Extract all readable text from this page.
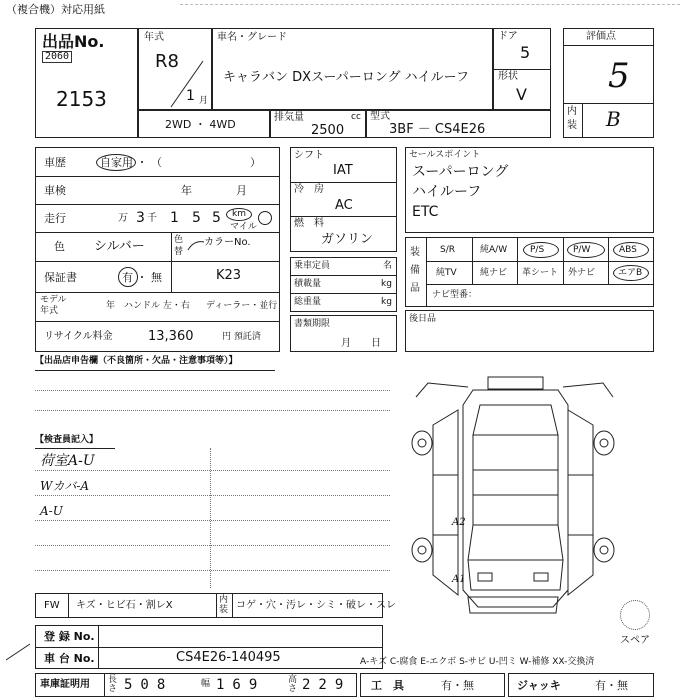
（複合機）対応用紙
出品No.
2060
2153
年式
R8
1 月
車名・グレード
キャラバン DXスーパーロング ハイルーフ
ドア
5
形状
V
評価点
5
内
装 B
2WD ・ 4WD
排気量	cc
2500
型式
3BF － CS4E26
車歴	自家用 ・ （　　　　　　　　）
車検	年　　　　月
走行	万 3 千 1 5 5 km
マイル
色 シルバー	色
替
カラーNo.
保証書	有 ・ 無	K23
モデル
年式	年 ハンドル 左・右 ディーラー・並行
リサイクル料金	13,360	円 預託済
シフト
IAT
冷　房
AC
燃　料
ガソリン
乗車定員	名
積載量	kg
総重量	kg
書類期限
月　　日
セールスポイント
スーパーロング
ハイルーフ
ETC
装
備
品
S/R	純A/W	P/S	P/W	ABS
純TV	純ナビ 革シート 外ナビ	エアB
ナビ型番：
後日品
【出品店申告欄（不良箇所・欠品・注意事項等）】
【検査員記入】
荷室A-U
Wカバ-A
A-U
A2
A1
スペア
FW キズ・ヒビ石・割レX	内
装 コゲ・穴・汚レ・シミ・破レ・スレ
登 録 No.
車 台 No.	CS4E26-140495	A-キズ C-腐食 E-エクボ S-サビ U-凹ミ W-補修 XX-交換済
車庫証明用 長さ 508	幅 169	高さ 229 工　具	有・無	ジャッキ	有・無
